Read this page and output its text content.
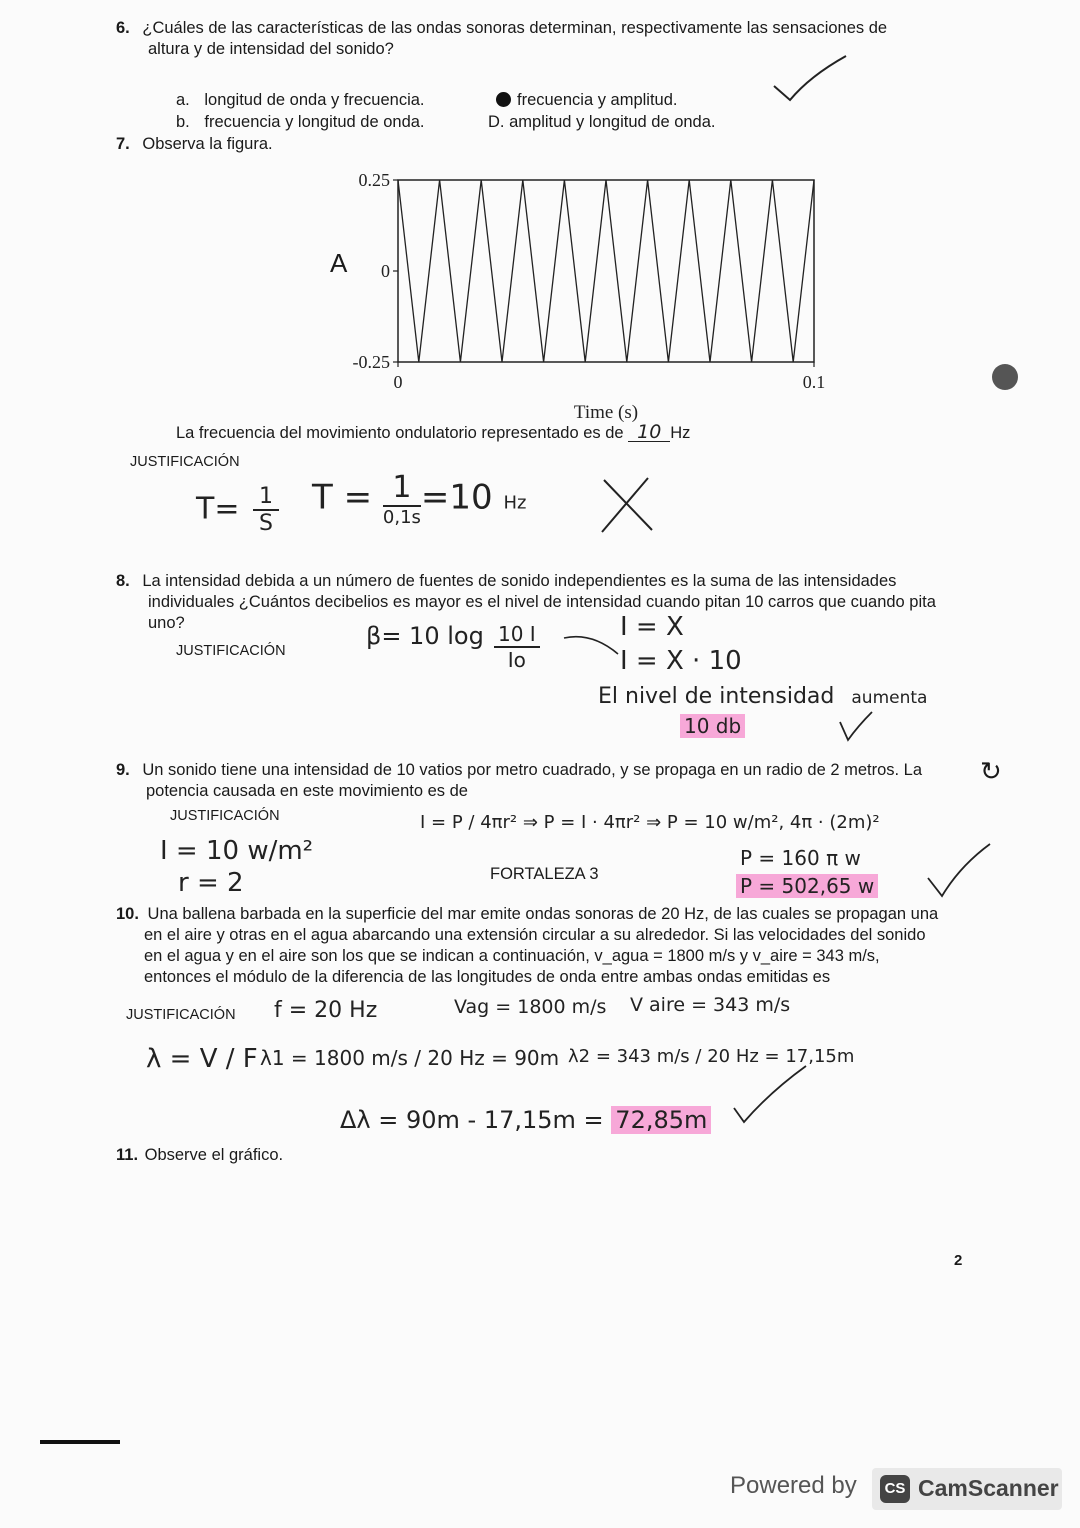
6. ¿Cuáles de las características de las ondas sonoras determinan, respectivamente las sensaciones de
altura y de intensidad del sonido?
a. longitud de onda y frecuencia.
b. frecuencia y longitud de onda.
frecuencia y amplitud.
D. amplitud y longitud de onda.
7. Observa la figura.
0.25
0
-0.25
0	0.1
Time (s)
A
La frecuencia del movimiento ondulatorio representado es de 10 Hz
JUSTIFICACIÓN
$T= \frac{1}{S}$ T = 1
0,1s =10 Hz
8. La intensidad debida a un número de fuentes de sonido independientes es la suma de las intensidades
individuales ¿Cuántos decibelios es mayor es el nivel de intensidad cuando pitan 10 carros que cuando pita
uno?
JUSTIFICACIÓN
β= 10 log 10 I
Io
I = X
I = X · 10
El nivel de intensidad aumenta
10 db
9. Un sonido tiene una intensidad de 10 vatios por metro cuadrado, y se propaga en un radio de 2 metros. La
potencia causada en este movimiento es de
↻
JUSTIFICACIÓN
I = 10 w/m²
r = 2
I = P / 4πr² ⇒ P = I · 4πr² ⇒ P = 10 w/m², 4π · (2m)²
FORTALEZA 3
P = 160 π w
P = 502,65 w
10. Una ballena barbada en la superficie del mar emite ondas sonoras de 20 Hz, de las cuales se propagan una
en el aire y otras en el agua abarcando una extensión circular a su alrededor. Si las velocidades del sonido
en el agua y en el aire son los que se indican a continuación, v_agua = 1800 m/s y v_aire = 343 m/s,
entonces el módulo de la diferencia de las longitudes de onda entre ambas ondas emitidas es
JUSTIFICACIÓN f = 20 Hz	Vag = 1800 m/s V aire = 343 m/s
λ = V / F λ1 = 1800 m/s / 20 Hz = 90m λ2 = 343 m/s / 20 Hz = 17,15m
Δλ = 90m - 17,15m = 72,85m
11. Observe el gráfico.
2
Powered by	CS CamScanner
